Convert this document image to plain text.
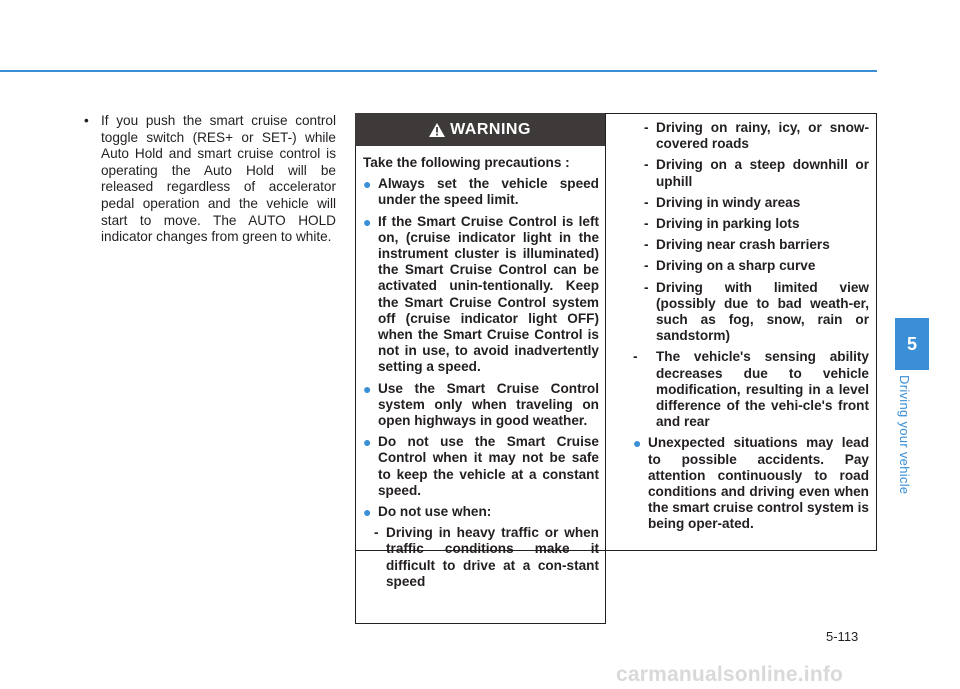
• If you push the smart cruise control toggle switch (RES+ or SET-) while Auto Hold and smart cruise control is operating the Auto Hold will be released regardless of accelerator pedal operation and the vehicle will start to move. The AUTO HOLD indicator changes from green to white.
WARNING

Take the following precautions :

● Always set the vehicle speed under the speed limit.

● If the Smart Cruise Control is left on, (cruise indicator light in the instrument cluster is illuminated) the Smart Cruise Control can be activated unin-tentionally. Keep the Smart Cruise Control system off (cruise indicator light OFF) when the Smart Cruise Control is not in use, to avoid inadvertently setting a speed.

● Use the Smart Cruise Control system only when traveling on open highways in good weather.

● Do not use the Smart Cruise Control when it may not be safe to keep the vehicle at a constant speed.

● Do not use when:

- Driving in heavy traffic or when traffic conditions make it difficult to drive at a con-stant speed

- Driving on rainy, icy, or snow-covered roads

- Driving on a steep downhill or uphill

- Driving in windy areas

- Driving in parking lots

- Driving near crash barriers

- Driving on a sharp curve

- Driving with limited view (possibly due to bad weath-er, such as fog, snow, rain or sandstorm)

- The vehicle's sensing ability decreases due to vehicle modification, resulting in a level difference of the vehi-cle's front and rear

● Unexpected situations may lead to possible accidents. Pay attention continuously to road conditions and driving even when the smart cruise control system is being oper-ated.

5
Driving your vehicle
5-113
carmanualsonline.info
